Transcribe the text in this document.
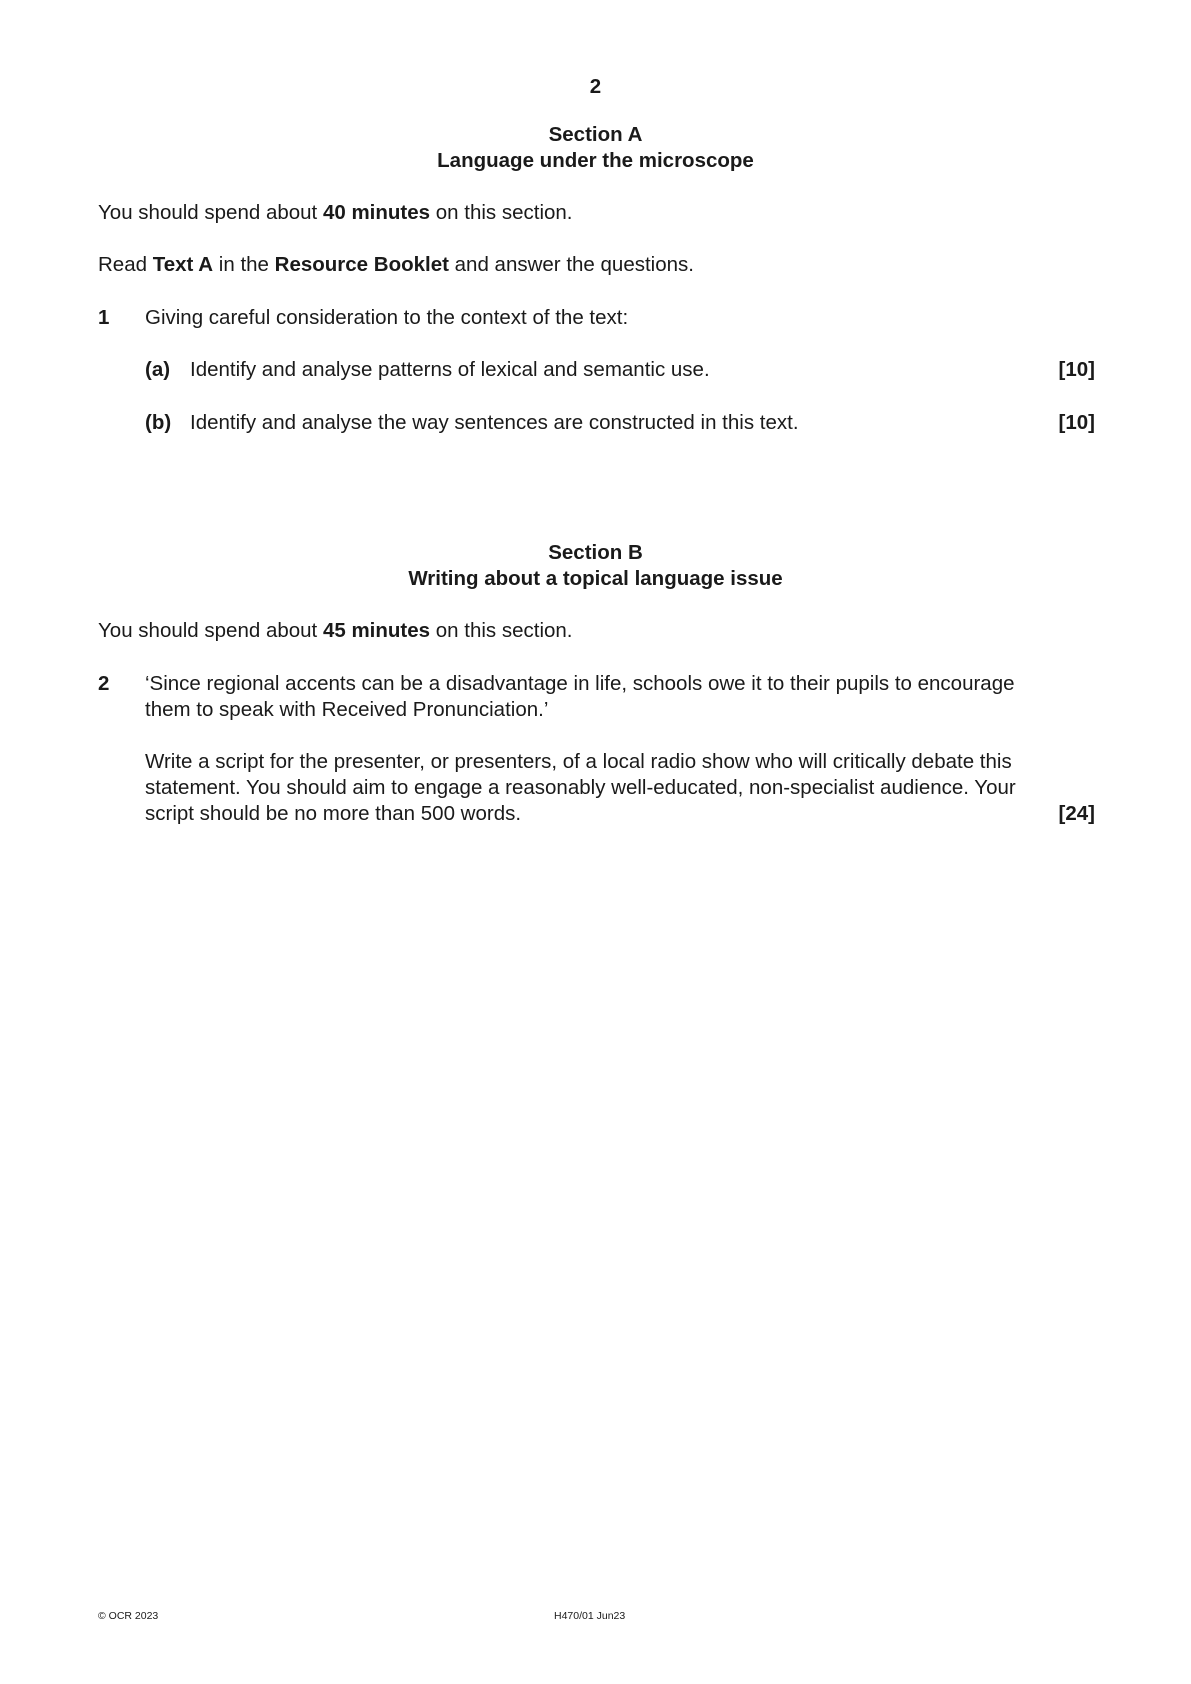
2
Section A
Language under the microscope
You should spend about 40 minutes on this section.
Read Text A in the Resource Booklet and answer the questions.
1 Giving careful consideration to the context of the text:
(a) Identify and analyse patterns of lexical and semantic use.	[10]
(b) Identify and analyse the way sentences are constructed in this text.	[10]
Section B
Writing about a topical language issue
You should spend about 45 minutes on this section.
2 ‘Since regional accents can be a disadvantage in life, schools owe it to their pupils to encourage
them to speak with Received Pronunciation.’
Write a script for the presenter, or presenters, of a local radio show who will critically debate this
statement. You should aim to engage a reasonably well-educated, non-specialist audience. Your
script should be no more than 500 words.	[24]
© OCR 2023	H470/01 Jun23
